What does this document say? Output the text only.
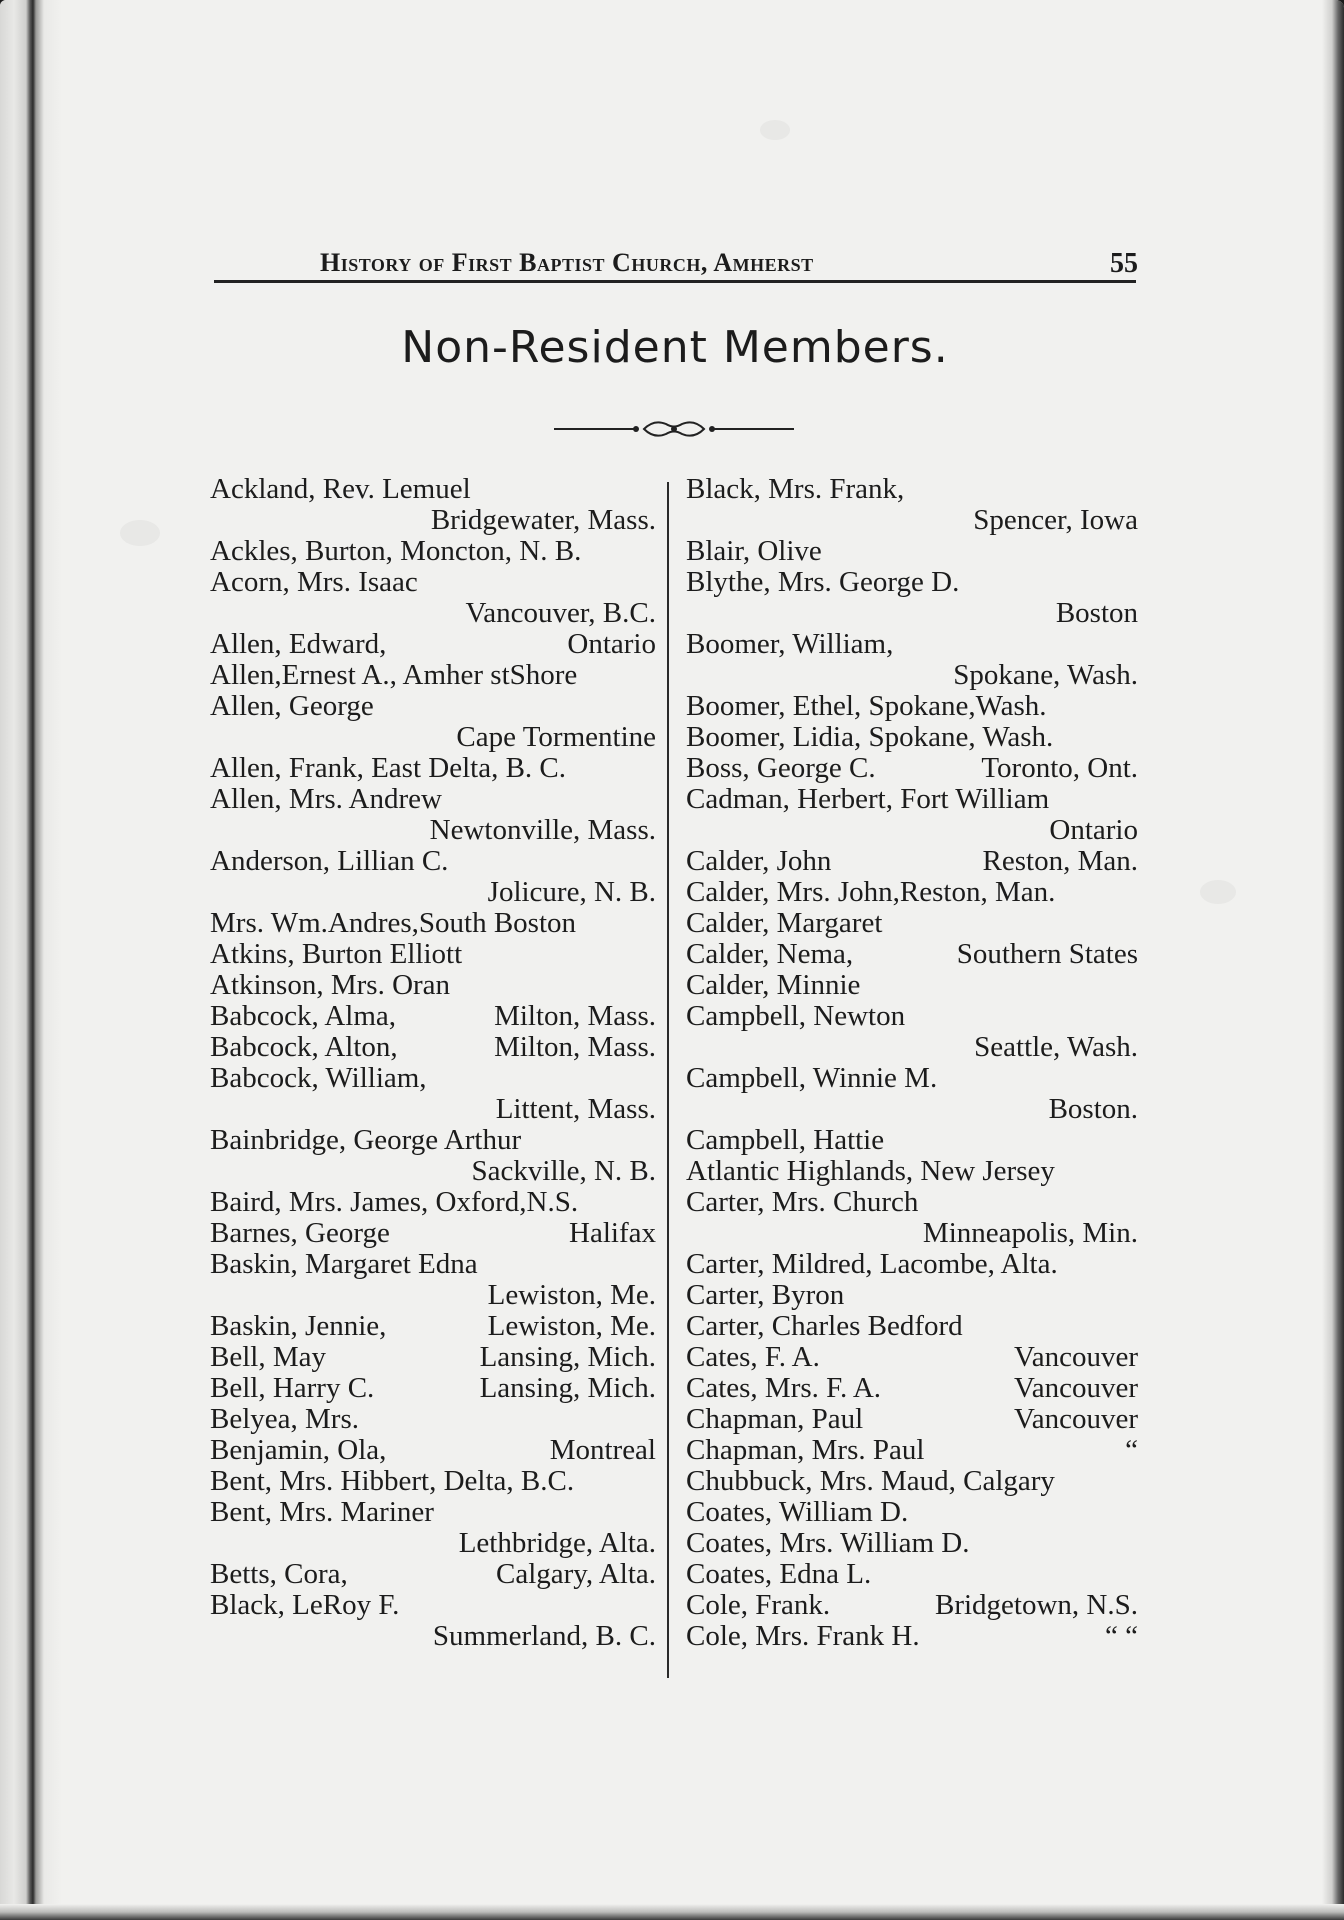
History of First Baptist Church, Amherst	55
Non-Resident Members.
Ackland, Rev. Lemuel
Bridgewater, Mass.
Ackles, Burton, Moncton, N. B.
Acorn, Mrs. Isaac
Vancouver, B.C.
Allen, Edward,	Ontario
Allen,Ernest A., Amher stShore
Allen, George
Cape Tormentine
Allen, Frank, East Delta, B. C.
Allen, Mrs. Andrew
Newtonville, Mass.
Anderson, Lillian C.
Jolicure, N. B.
Mrs. Wm.Andres,South Boston
Atkins, Burton Elliott
Atkinson, Mrs. Oran
Babcock, Alma,	Milton, Mass.
Babcock, Alton,	Milton, Mass.
Babcock, William,
Littent, Mass.
Bainbridge, George Arthur
Sackville, N. B.
Baird, Mrs. James, Oxford,N.S.
Barnes, George	Halifax
Baskin, Margaret Edna
Lewiston, Me.
Baskin, Jennie,	Lewiston, Me.
Bell, May	Lansing, Mich.
Bell, Harry C.	Lansing, Mich.
Belyea, Mrs.
Benjamin, Ola,	Montreal
Bent, Mrs. Hibbert, Delta, B.C.
Bent, Mrs. Mariner
Lethbridge, Alta.
Betts, Cora,	Calgary, Alta.
Black, LeRoy F.
Summerland, B. C.
Black, Mrs. Frank,
Spencer, Iowa
Blair, Olive
Blythe, Mrs. George D.
Boston
Boomer, William,
Spokane, Wash.
Boomer, Ethel, Spokane,Wash.
Boomer, Lidia, Spokane, Wash.
Boss, George C.	Toronto, Ont.
Cadman, Herbert, Fort William
Ontario
Calder, John	Reston, Man.
Calder, Mrs. John,Reston, Man.
Calder, Margaret
Calder, Nema,	Southern States
Calder, Minnie
Campbell, Newton
Seattle, Wash.
Campbell, Winnie M.
Boston.
Campbell, Hattie
Atlantic Highlands, New Jersey
Carter, Mrs. Church
Minneapolis, Min.
Carter, Mildred, Lacombe, Alta.
Carter, Byron
Carter, Charles Bedford
Cates, F. A.	Vancouver
Cates, Mrs. F. A.	Vancouver
Chapman, Paul	Vancouver
Chapman, Mrs. Paul	“
Chubbuck, Mrs. Maud, Calgary
Coates, William D.
Coates, Mrs. William D.
Coates, Edna L.
Cole, Frank.	Bridgetown, N.S.
Cole, Mrs. Frank H.	“ “
